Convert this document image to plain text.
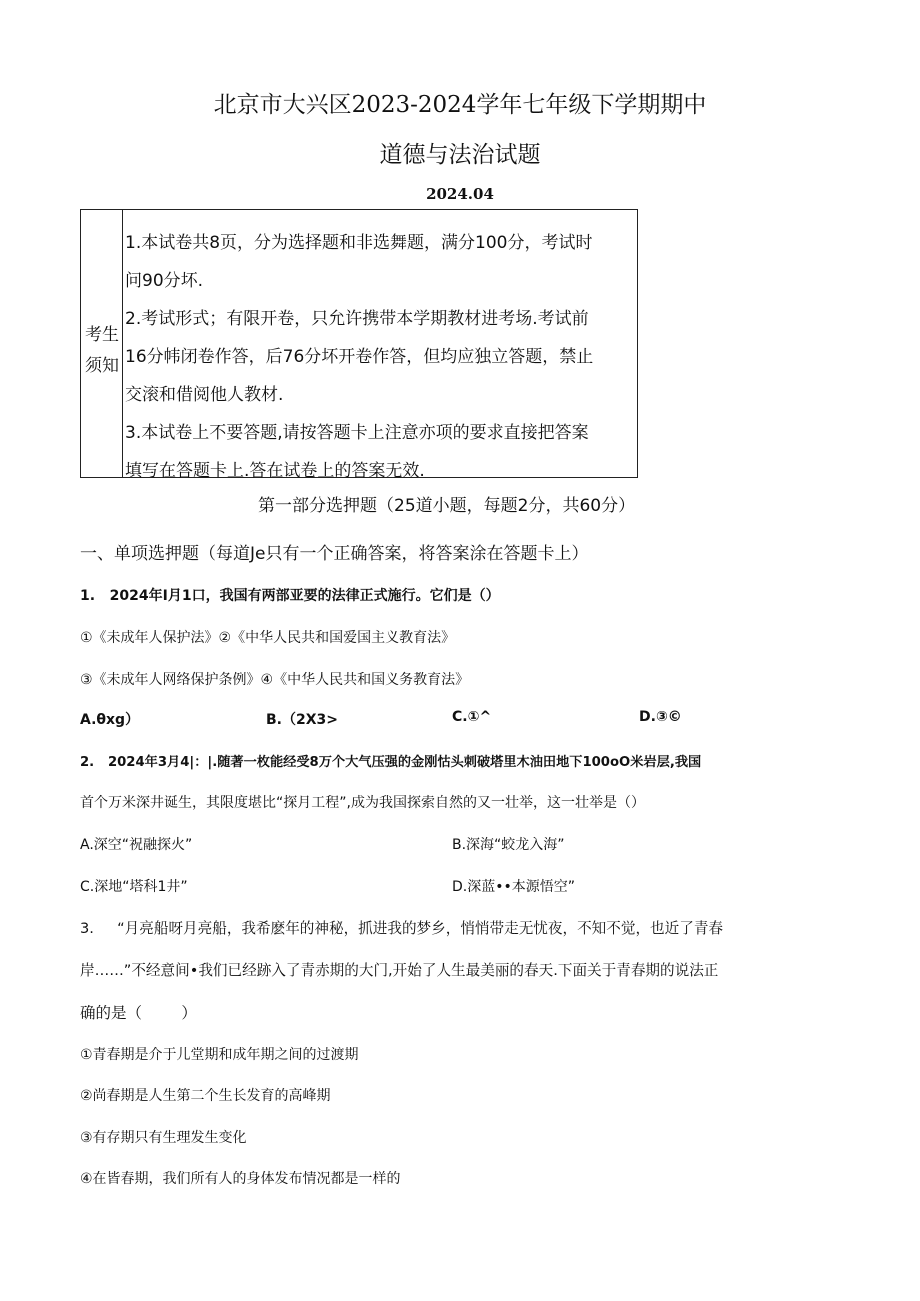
北京市大兴区2023-2024学年七年级下学期期中
道德与法治试题
2024.04
考生须知
1.本试卷共8页，分为选择题和非选舞题，满分100分，考试时
问90分坏.
2.考试形式；有限开卷，只允许携带本学期教材进考场.考试前
16分帏闭卷作答，后76分坏开卷作答，但均应独立答题，禁止
交滚和借阅他人教材.
3.本试卷上不要答题,请按答题卡上注意亦项的要求直接把答案
填写在答题卡上.答在试卷上的答案无效.
第一部分选押题（25道小题，每题2分，共60分）
一、单项选押题（每道Je只有一个正确答案，将答案涂在答题卡上）
1.   2024年I月1口，我国有两部亚要的法律正式施行。它们是（）
①《未成年人保护法》②《中华人民共和国爱国主义教育法》
③《未成年人网络保护条例》④《中华人民共和国义务教育法》
A.θxg）	B.（2X3>	C.①^	D.③©
2.   2024年3月4|：|.随著一枚能经受8万个大气压强的金刚怙头刺破塔里木油田地下100oO米岩层,我国
首个万米深井诞生，其限度堪比“探月工程”,成为我国探索自然的又一壮举，这一壮举是（）
A.深空“祝融探火”	B.深海“蛟龙入海”
C.深地“塔科1井”	D.深蓝••本源悟空”
3.     “月亮船呀月亮船，我希麽年的神秘，抓进我的梦乡，悄悄带走无忧夜，不知不觉，也近了青春
岸……”不经意间•我们已经跡入了青赤期的大门,开始了人生最美丽的春天.下面关于青春期的说法正
确的是（        ）
①青春期是介于儿堂期和成年期之间的过渡期
②尚春期是人生第二个生长发育的高峰期
③有存期只有生理发生变化
④在皆春期，我们所有人的身体发布情况都是一样的
